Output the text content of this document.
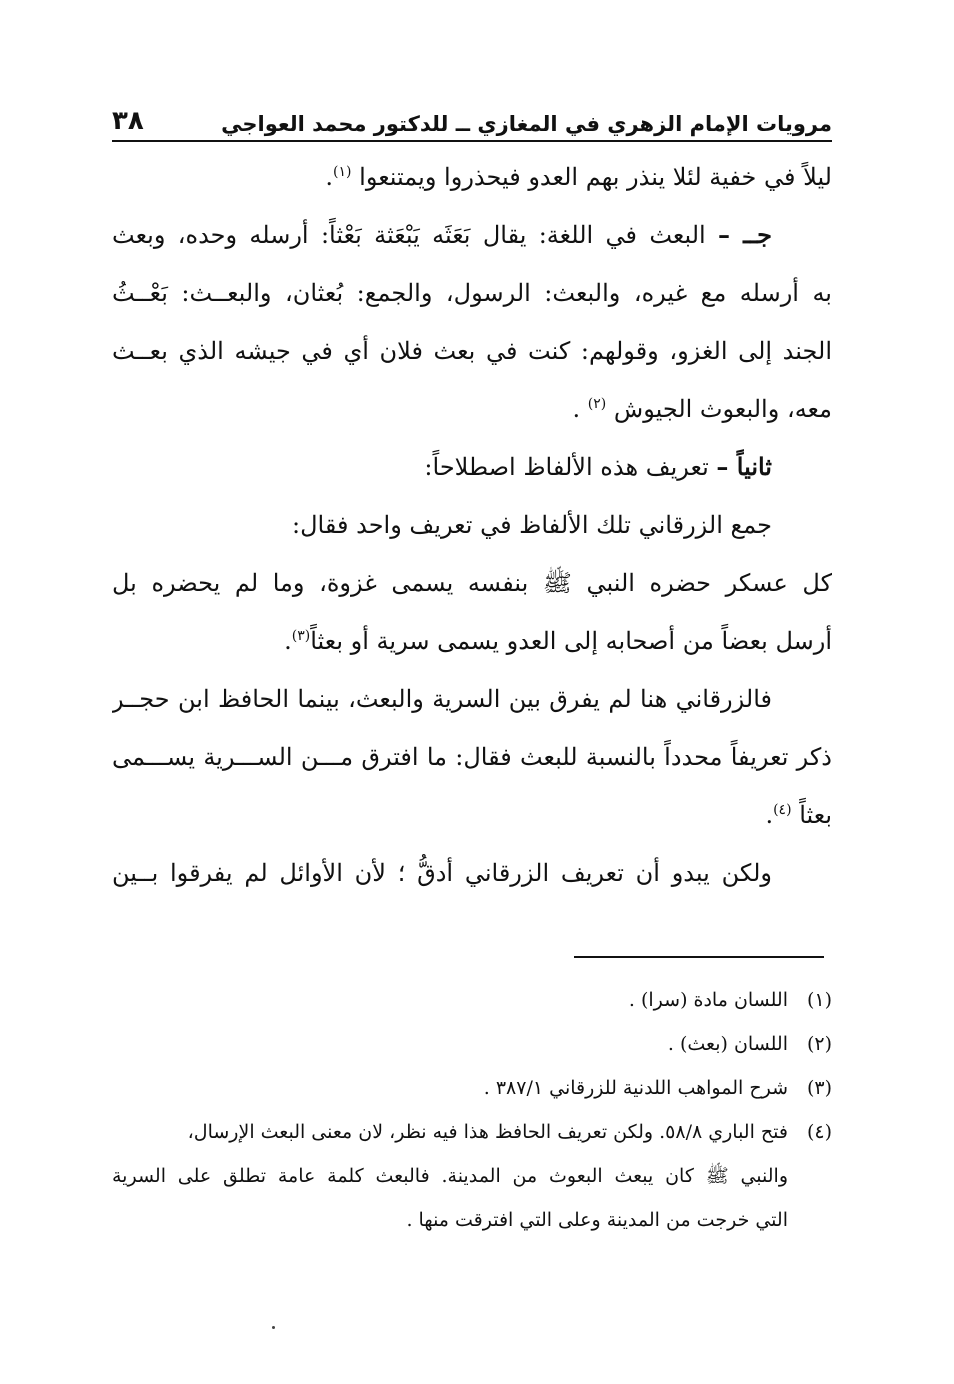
مرويات الإمام الزهري في المغازي ــ للدكتور محمد العواجي
٣٨
ليلاً في خفية لئلا ينذر بهم العدو فيحذروا ويمتنعوا $^{(١)}$.
جــ – البعث في اللغة: يقال بَعَثَه يَبْعَثة بَعْثاً: أرسله وحده، وبعث
به أرسله مع غيره، والبعث: الرسول، والجمع: بُعثان، والبعــث: بَعْــثُ
الجند إلى الغزو، وقولهم: كنت في بعث فلان أي في جيشه الذي بعــث
معه، والبعوث الجيوش $^{(٢)}$ .
ثانياً – تعريف هذه الألفاظ اصطلاحاً:
جمع الزرقاني تلك الألفاظ في تعريف واحد فقال:
كل عسكر حضره النبي ﷺ بنفسه يسمى غزوة، وما لم يحضره بل
أرسل بعضاً من أصحابه إلى العدو يسمى سرية أو بعثاً$^{(٣)}$.
فالزرقاني هنا لم يفرق بين السرية والبعث، بينما الحافظ ابن حجــر
ذكر تعريفاً محدداً بالنسبة للبعث فقال: ما افترق مـــن الســـرية يســـمى
بعثاً $^{(٤)}$.
ولكن يبدو أن تعريف الزرقاني أدقُّ ؛ لأن الأوائل لم يفرقوا بــين
(١)
اللسان مادة (سرا) .
(٢)
اللسان (بعث) .
(٣)
شرح المواهب اللدنية للزرقاني ٣٨٧/١ .
(٤)
فتح الباري ٥٨/٨. ولكن تعريف الحافظ هذا فيه نظر، لان معنى البعث الإرسال،
والنبي ﷺ كان يبعث البعوث من المدينة. فالبعث كلمة عامة تطلق على السرية
التي خرجت من المدينة وعلى التي افترقت منها .
